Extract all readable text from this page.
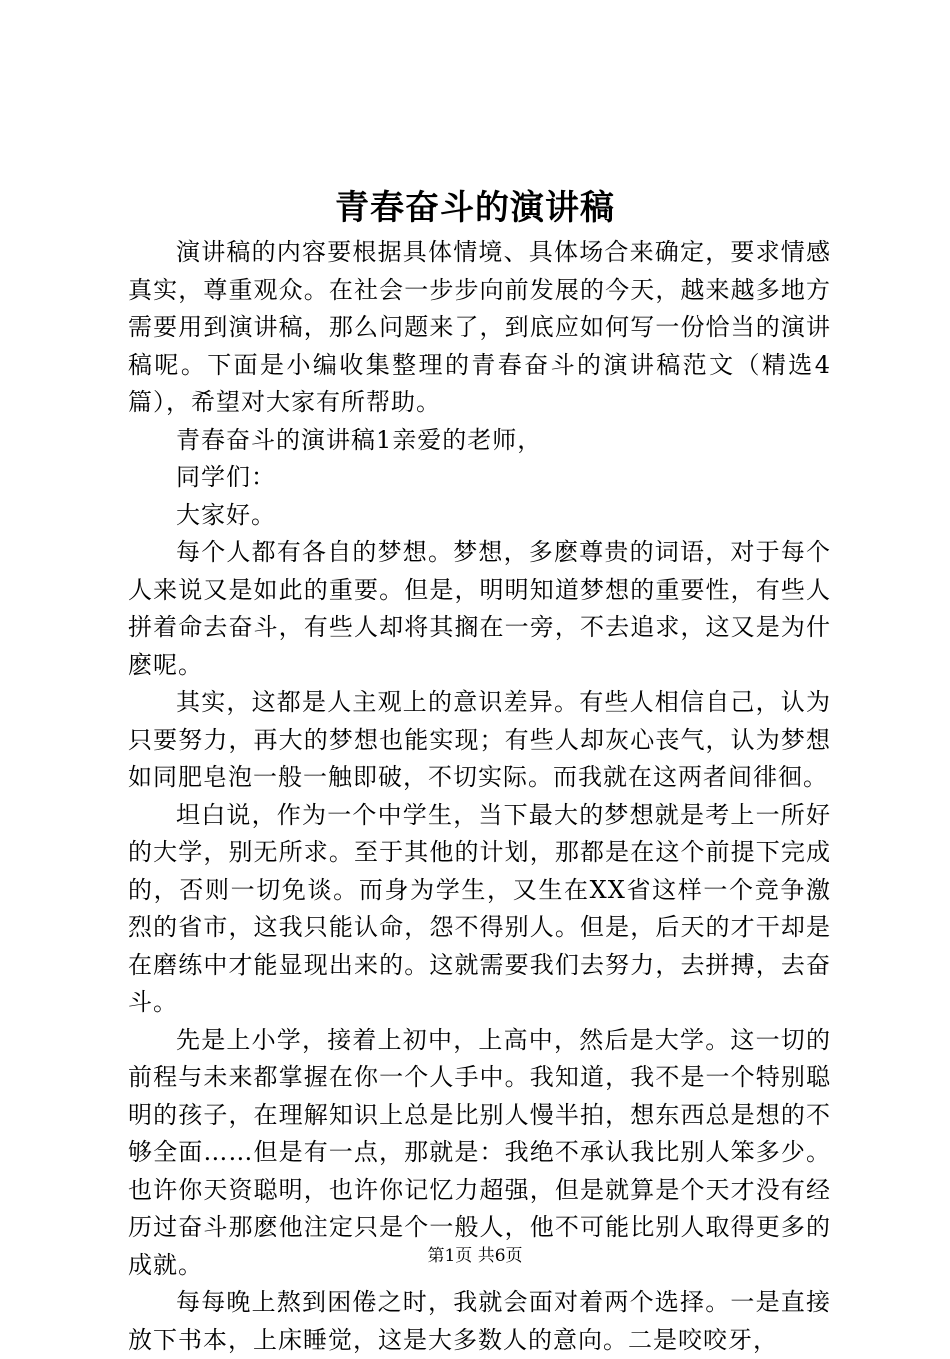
青春奋斗的演讲稿

演讲稿的内容要根据具体情境、具体场合来确定，要求情感真实，尊重观众。在社会一步步向前发展的今天，越来越多地方需要用到演讲稿，那么问题来了，到底应如何写一份恰当的演讲稿呢。下面是小编收集整理的青春奋斗的演讲稿范文（精选4篇），希望对大家有所帮助。

青春奋斗的演讲稿1亲爱的老师，

同学们：

大家好。

每个人都有各自的梦想。梦想，多麽尊贵的词语，对于每个人来说又是如此的重要。但是，明明知道梦想的重要性，有些人拼着命去奋斗，有些人却将其搁在一旁，不去追求，这又是为什麽呢。

其实，这都是人主观上的意识差异。有些人相信自己，认为只要努力，再大的梦想也能实现；有些人却灰心丧气，认为梦想如同肥皂泡一般一触即破，不切实际。而我就在这两者间徘徊。

坦白说，作为一个中学生，当下最大的梦想就是考上一所好的大学，别无所求。至于其他的计划，那都是在这个前提下完成的，否则一切免谈。而身为学生，又生在XX省这样一个竞争激烈的省市，这我只能认命，怨不得别人。但是，后天的才干却是在磨练中才能显现出来的。这就需要我们去努力，去拼搏，去奋斗。

先是上小学，接着上初中，上高中，然后是大学。这一切的前程与未来都掌握在你一个人手中。我知道，我不是一个特别聪明的孩子，在理解知识上总是比别人慢半拍，想东西总是想的不够全面……但是有一点，那就是：我绝不承认我比别人笨多少。也许你天资聪明，也许你记忆力超强，但是就算是个天才没有经历过奋斗那麽他注定只是个一般人，他不可能比别人取得更多的成就。

每每晚上熬到困倦之时，我就会面对着两个选择。一是直接放下书本，上床睡觉，这是大多数人的意向。二是咬咬牙，

第1页 共6页
